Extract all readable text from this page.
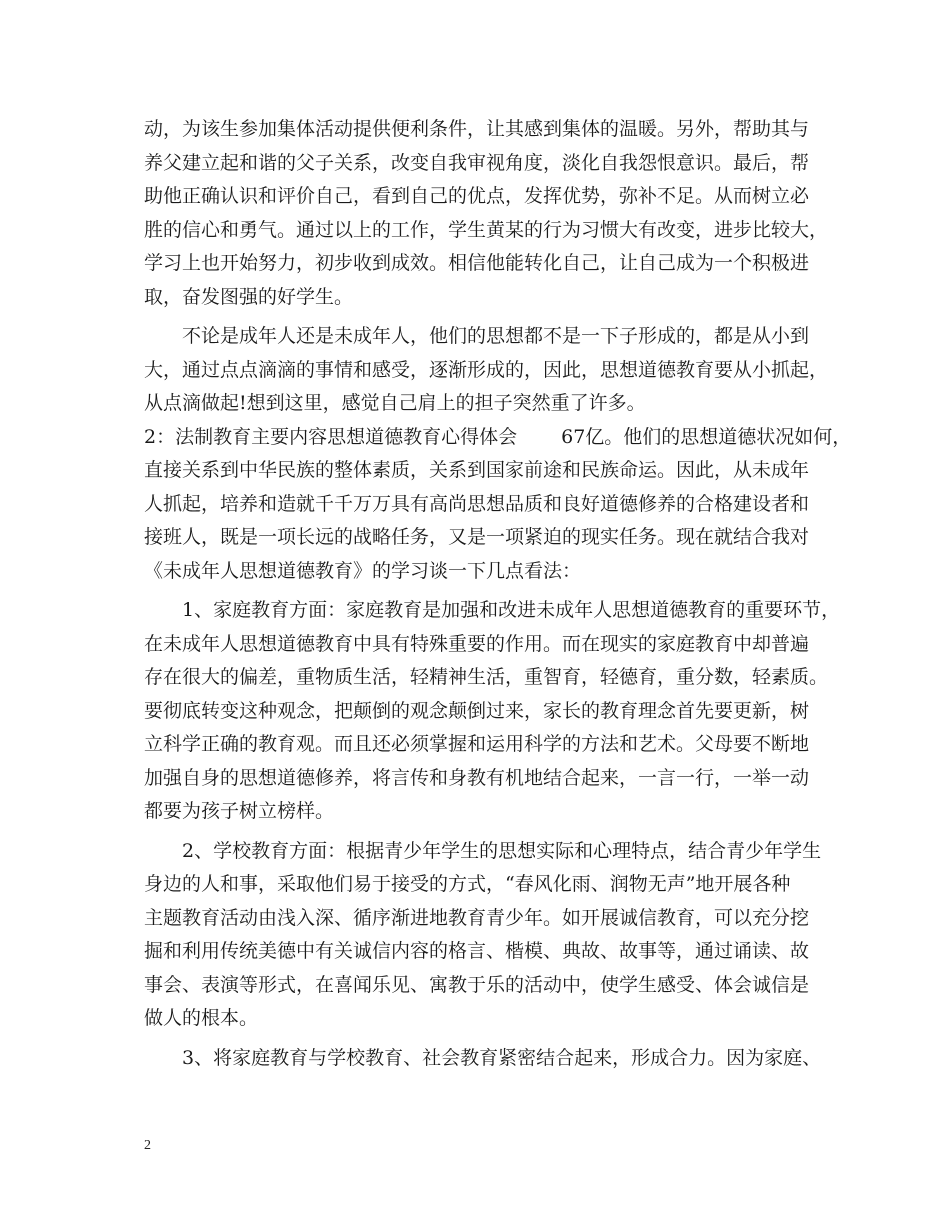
动，为该生参加集体活动提供便利条件，让其感到集体的温暖。另外，帮助其与
养父建立起和谐的父子关系，改变自我审视角度，淡化自我怨恨意识。最后，帮
助他正确认识和评价自己，看到自己的优点，发挥优势，弥补不足。从而树立必
胜的信心和勇气。通过以上的工作，学生黄某的行为习惯大有改变，进步比较大，
学习上也开始努力，初步收到成效。相信他能转化自己，让自己成为一个积极进
取，奋发图强的好学生。
　　不论是成年人还是未成年人，他们的思想都不是一下子形成的，都是从小到
大，通过点点滴滴的事情和感受，逐渐形成的，因此，思想道德教育要从小抓起，
从点滴做起!想到这里，感觉自己肩上的担子突然重了许多。
2：法制教育主要内容思想道德教育心得体会　　 67亿。他们的思想道德状况如何，
直接关系到中华民族的整体素质，关系到国家前途和民族命运。因此，从未成年
人抓起，培养和造就千千万万具有高尚思想品质和良好道德修养的合格建设者和
接班人，既是一项长远的战略任务，又是一项紧迫的现实任务。现在就结合我对
《未成年人思想道德教育》的学习谈一下几点看法：
　　1、家庭教育方面：家庭教育是加强和改进未成年人思想道德教育的重要环节，
在未成年人思想道德教育中具有特殊重要的作用。而在现实的家庭教育中却普遍
存在很大的偏差，重物质生活，轻精神生活，重智育，轻德育，重分数，轻素质。
要彻底转变这种观念，把颠倒的观念颠倒过来，家长的教育理念首先要更新，树
立科学正确的教育观。而且还必须掌握和运用科学的方法和艺术。父母要不断地
加强自身的思想道德修养，将言传和身教有机地结合起来，一言一行，一举一动
都要为孩子树立榜样。
　　2、学校教育方面：根据青少年学生的思想实际和心理特点，结合青少年学生
身边的人和事，采取他们易于接受的方式，“春风化雨、润物无声”地开展各种
主题教育活动由浅入深、循序渐进地教育青少年。如开展诚信教育，可以充分挖
掘和利用传统美德中有关诚信内容的格言、楷模、典故、故事等，通过诵读、故
事会、表演等形式，在喜闻乐见、寓教于乐的活动中，使学生感受、体会诚信是
做人的根本。
　　3、将家庭教育与学校教育、社会教育紧密结合起来，形成合力。因为家庭、
2
